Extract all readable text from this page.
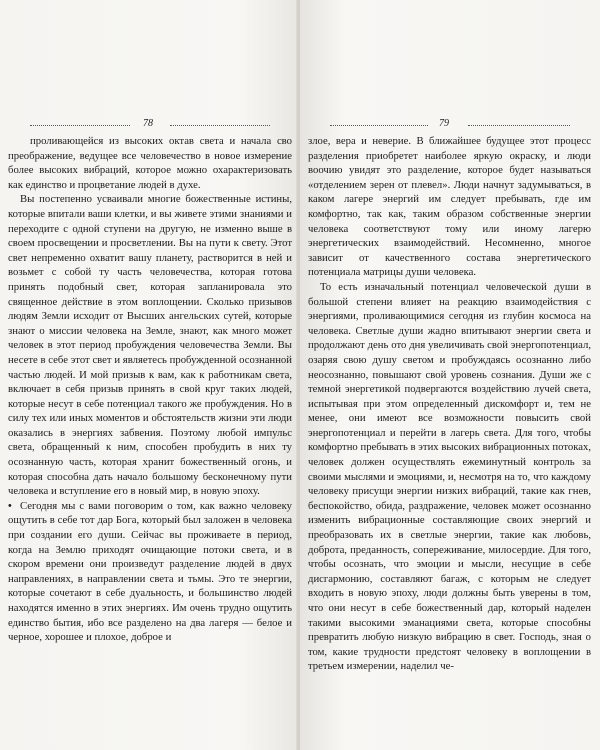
78

проливающейся из высоких октав света и начала сво преображение, ведущее все человечество в новое измерение более высоких вибраций, которое можно охарактеризовать как единство и процветание людей в духе.

Вы постепенно усваивали многие божественные истины, которые впитали ваши клетки, и вы живете этими знаниями и переходите с одной ступени на другую, не изменно выше в своем просвещении и просветлении. Вы на пути к свету. Этот свет непременно охватит вашу планету, растворится в ней и возьмет с собой ту часть человечества, которая готова принять подобный свет, которая запланировала это священное действие в этом воплощении. Сколько призывов людям Земли исходит от Высших ангельских сутей, которые знают о миссии человека на Земле, знают, как много может человек в этот период пробуждения человечества Земли. Вы несете в себе этот свет и являетесь пробужденной осознанной частью людей. И мой призыв к вам, как к работникам света, включает в себя призыв принять в свой круг таких людей, которые несут в себе потенциал такого же пробуждения. Но в силу тех или иных моментов и обстоятельств жизни эти люди оказались в энергиях забвения. Поэтому любой импульс света, обращенный к ним, способен пробудить в них ту осознанную часть, которая хранит божественный огонь, и которая способна дать начало большому бесконечному пути человека и вступление его в новый мир, в новую эпоху.

• Сегодня мы с вами поговорим о том, как важно человеку ощутить в себе тот дар Бога, который был заложен в человека при создании его души. Сейчас вы проживаете в период, когда на Землю приходят очищающие потоки света, и в скором времени они произведут разделение людей в двух направлениях, в направлении света и тьмы. Это те энергии, которые сочетают в себе дуальность, и большинство людей находятся именно в этих энергиях. Им очень трудно ощутить единство бытия, ибо все разделено на два лагеря — белое и черное, хорошее и плохое, доброе и

79

злое, вера и неверие. В ближайшее будущее этот процесс разделения приобретет наиболее яркую окраску, и люди воочию увидят это разделение, которое будет называться «отделением зерен от плевел». Люди начнут задумываться, в каком лагере энергий им следует пребывать, где им комфортно, так как, таким образом собственные энергии человека соответствуют тому или иному лагерю энергетических взаимодействий. Несомненно, многое зависит от качественного состава энергетического потенциала матрицы души человека.

То есть изначальный потенциал человеческой души в большой степени влияет на реакцию взаимодействия с энергиями, проливающимися сегодня из глубин космоса на человека. Светлые души жадно впитывают энергии света и продолжают день ото дня увеличивать свой энергопотенциал, озаряя свою душу светом и пробуждаясь осознанно либо неосознанно, повышают свой уровень сознания. Души же с темной энергетикой подвергаются воздействию лучей света, испытывая при этом определенный дискомфорт и, тем не менее, они имеют все возможности повысить свой энергопотенциал и перейти в лагерь света. Для того, чтобы комфортно пребывать в этих высоких вибрационных потоках, человек должен осуществлять ежеминутный контроль за своими мыслями и эмоциями, и, несмотря на то, что каждому человеку присущи энергии низких вибраций, такие как гнев, беспокойство, обида, раздражение, человек может осознанно изменить вибрационные составляющие своих энергий и преобразовать их в светлые энергии, такие как любовь, доброта, преданность, сопереживание, милосердие. Для того, чтобы осознать, что эмоции и мысли, несущие в себе дисгармонию, составляют багаж, с которым не следует входить в новую эпоху, люди должны быть уверены в том, что они несут в себе божественный дар, который наделен такими высокими эманациями света, которые способны превратить любую низкую вибрацию в свет. Господь, зная о том, какие трудности предстоят человеку в воплощении в третьем измерении, наделил че-
